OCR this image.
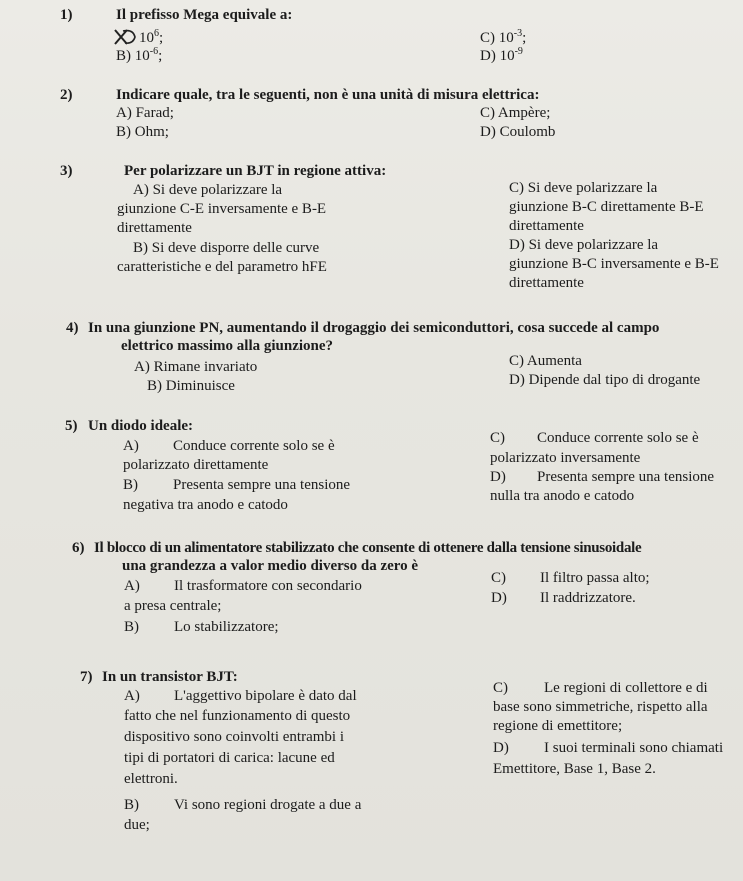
1)	Il prefisso Mega equivale a:
$10^6$;
B) $10^{-6}$;
C) $10^{-3}$;
D) $10^{-9}$
2)	Indicare quale, tra le seguenti, non è una unità di misura elettrica:
A) Farad;
B) Ohm;
C) Ampère;
D) Coulomb
3)	Per polarizzare un BJT in regione attiva:
A) Si deve polarizzare la
giunzione C-E inversamente e B-E
direttamente
B) Si deve disporre delle curve
caratteristiche e del parametro hFE
C) Si deve polarizzare la
giunzione B-C direttamente B-E
direttamente
D) Si deve polarizzare la
giunzione B-C inversamente e B-E
direttamente
4) In una giunzione PN, aumentando il drogaggio dei semiconduttori, cosa succede al campo
elettrico massimo alla giunzione?
A) Rimane invariato
B) Diminuisce
C) Aumenta
D) Dipende dal tipo di drogante
5) Un diodo ideale:
A) Conduce corrente solo se è
polarizzato direttamente
B) Presenta sempre una tensione
negativa tra anodo e catodo
C) Conduce corrente solo se è
polarizzato inversamente
D) Presenta sempre una tensione
nulla tra anodo e catodo
6) Il blocco di un alimentatore stabilizzato che consente di ottenere dalla tensione sinusoidale
una grandezza a valor medio diverso da zero è
A) Il trasformatore con secondario
a presa centrale;
B) Lo stabilizzatore;
C) Il filtro passa alto;
D) Il raddrizzatore.
7) In un transistor BJT:
A) L'aggettivo bipolare è dato dal
fatto che nel funzionamento di questo
dispositivo sono coinvolti entrambi i
tipi di portatori di carica: lacune ed
elettroni.
B) Vi sono regioni drogate a due a
due;
C) Le regioni di collettore e di
base sono simmetriche, rispetto alla
regione di emettitore;
D) I suoi terminali sono chiamati
Emettitore, Base 1, Base 2.
